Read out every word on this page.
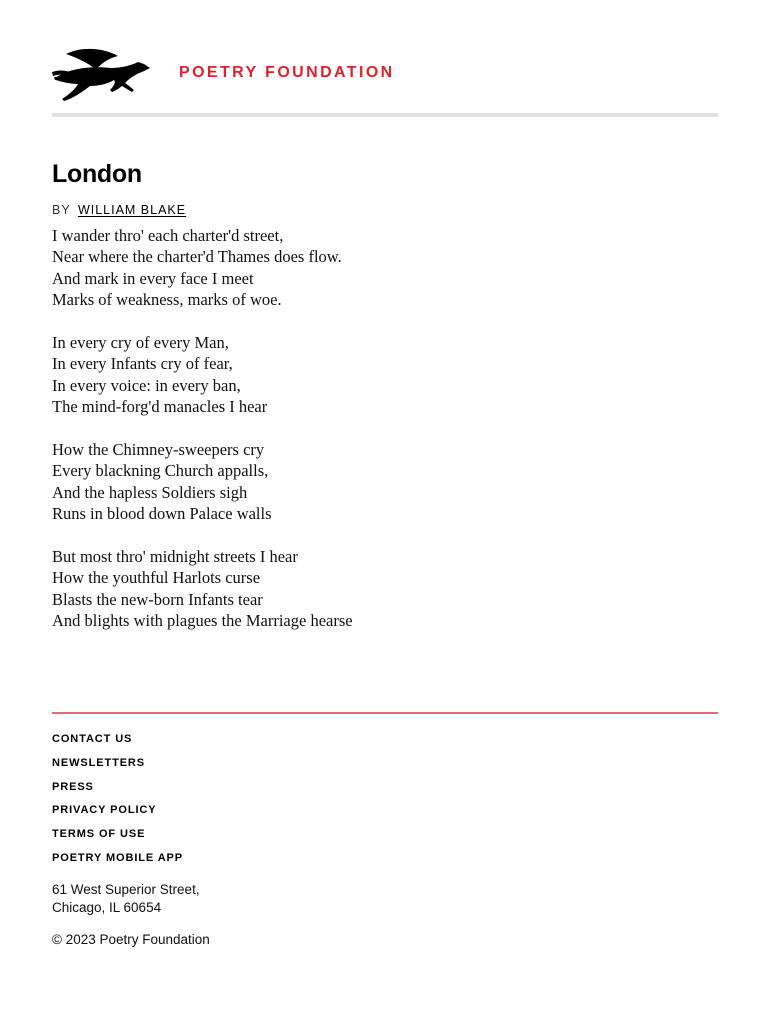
POETRY FOUNDATION
London
BY WILLIAM BLAKE
I wander thro' each charter'd street,
Near where the charter'd Thames does flow.
And mark in every face I meet
Marks of weakness, marks of woe.
In every cry of every Man,
In every Infants cry of fear,
In every voice: in every ban,
The mind-forg'd manacles I hear
How the Chimney-sweepers cry
Every blackning Church appalls,
And the hapless Soldiers sigh
Runs in blood down Palace walls
But most thro' midnight streets I hear
How the youthful Harlots curse
Blasts the new-born Infants tear
And blights with plagues the Marriage hearse
CONTACT US
NEWSLETTERS
PRESS
PRIVACY POLICY
TERMS OF USE
POETRY MOBILE APP
61 West Superior Street,
Chicago, IL 60654
© 2023 Poetry Foundation
